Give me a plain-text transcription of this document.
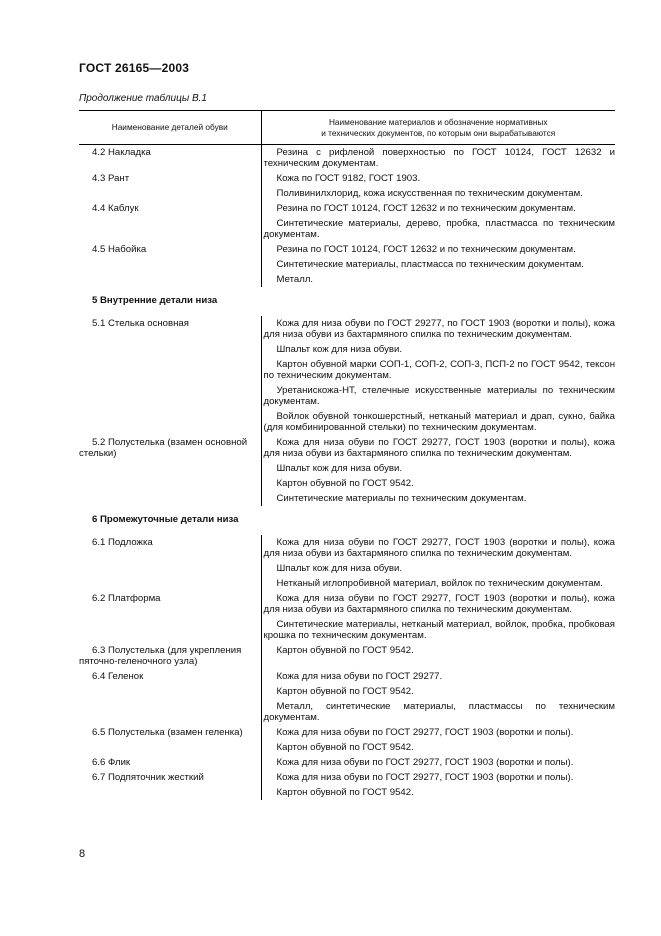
ГОСТ 26165—2003
Продолжение таблицы В.1
Наименование деталей обуви	Наименование материалов и обозначение нормативных
и технических документов, по которым они вырабатываются
4.2 Накладка	Резина с рифленой поверхностью по ГОСТ 10124, ГОСТ 12632 и техническим документам.
4.3 Рант	Кожа по ГОСТ 9182, ГОСТ 1903.
	Поливинилхлорид, кожа искусственная по техническим документам.
4.4 Каблук	Резина по ГОСТ 10124, ГОСТ 12632 и по техническим документам.
	Синтетические материалы, дерево, пробка, пластмасса по техническим документам.
4.5 Набойка	Резина по ГОСТ 10124, ГОСТ 12632 и по техническим документам.
	Синтетические материалы, пластмасса по техническим документам.
	Металл.
5 Внутренние детали низа	
5.1 Стелька основная	Кожа для низа обуви по ГОСТ 29277, по ГОСТ 1903 (воротки и полы), кожа для низа обуви из бахтармяного спилка по техническим документам.
	Шпальт кож для низа обуви.
	Картон обувной марки СОП-1, СОП-2, СОП-3, ПСП-2 по ГОСТ 9542, тексон по техническим документам.
	Уретанискожа-НТ, стелечные искусственные материалы по техническим документам.
	Войлок обувной тонкошерстный, нетканый материал и драп, сукно, байка (для комбинированной стельки) по техническим документам.
5.2 Полустелька (взамен основной стельки)	Кожа для низа обуви по ГОСТ 29277, ГОСТ 1903 (воротки и полы), кожа для низа обуви из бахтармяного спилка по техническим документам.
	Шпальт кож для низа обуви.
	Картон обувной по ГОСТ 9542.
	Синтетические материалы по техническим документам.
6 Промежуточные детали низа	
6.1 Подложка	Кожа для низа обуви по ГОСТ 29277, ГОСТ 1903 (воротки и полы), кожа для низа обуви из бахтармяного спилка по техническим документам.
	Шпальт кож для низа обуви.
	Нетканый иглопробивной материал, войлок по техническим документам.
6.2 Платформа	Кожа для низа обуви по ГОСТ 29277, ГОСТ 1903 (воротки и полы), кожа для низа обуви из бахтармяного спилка по техническим документам.
	Синтетические материалы, нетканый материал, войлок, пробка, пробковая крошка по техническим документам.
6.3 Полустелька (для укрепления пяточно-геленочного узла)	Картон обувной по ГОСТ 9542.
6.4 Геленок	Кожа для низа обуви по ГОСТ 29277.
	Картон обувной по ГОСТ 9542.
	Металл, синтетические материалы, пластмассы по техническим документам.
6.5 Полустелька (взамен геленка)	Кожа для низа обуви по ГОСТ 29277, ГОСТ 1903 (воротки и полы).
	Картон обувной по ГОСТ 9542.
6.6 Флик	Кожа для низа обуви по ГОСТ 29277, ГОСТ 1903 (воротки и полы).
6.7 Подпяточник жесткий	Кожа для низа обуви по ГОСТ 29277, ГОСТ 1903 (воротки и полы).
	Картон обувной по ГОСТ 9542.
8
